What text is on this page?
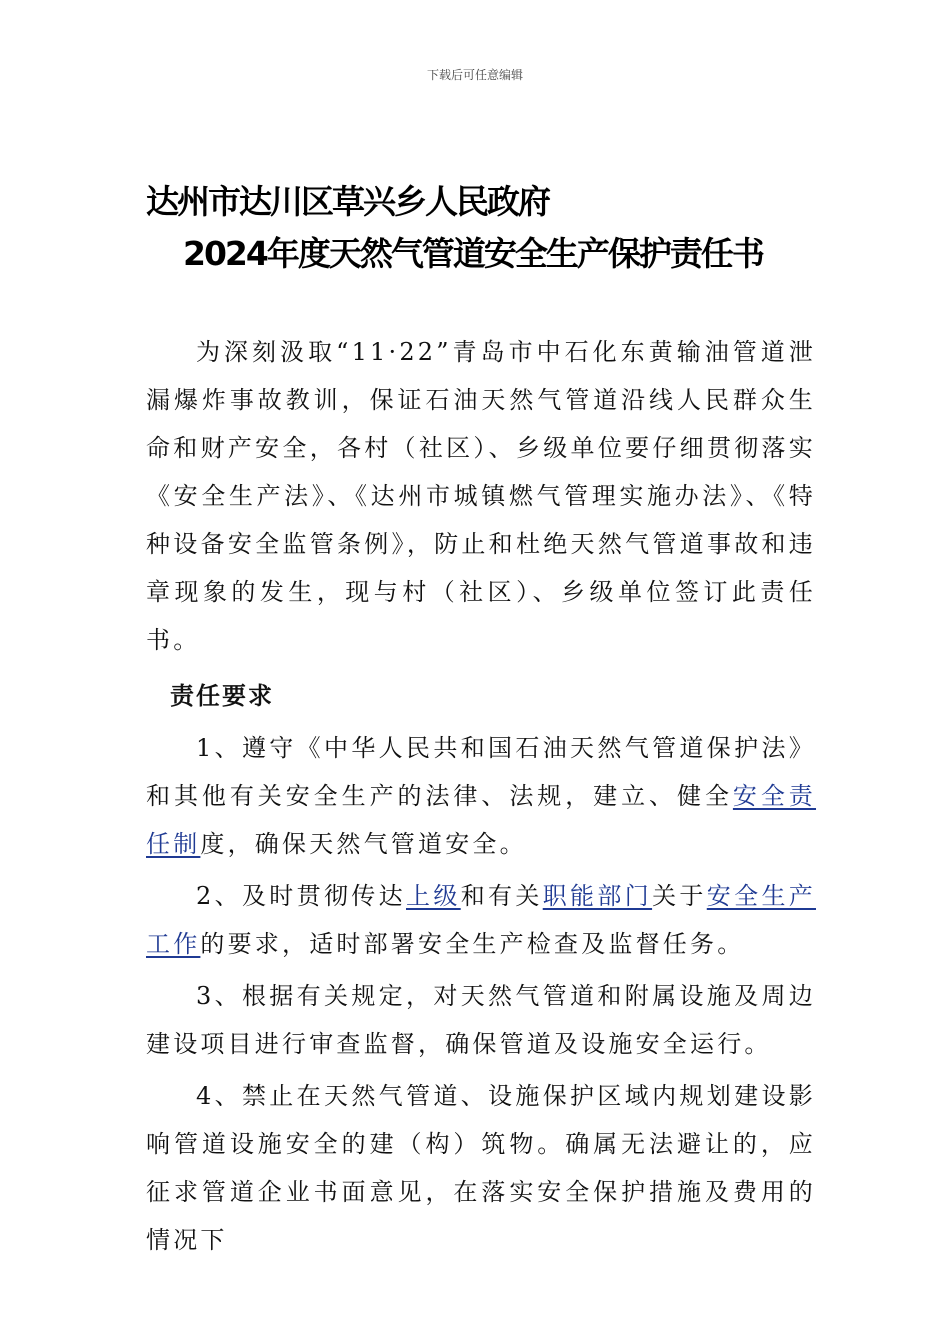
下载后可任意编辑
达州市达川区草兴乡人民政府
2024年度天然气管道安全生产保护责任书

为深刻汲取“11·22”青岛市中石化东黄输油管道泄漏爆炸事故教训，保证石油天然气管道沿线人民群众生命和财产安全，各村（社区）、乡级单位要仔细贯彻落实《安全生产法》、《达州市城镇燃气管理实施办法》、《特种设备安全监管条例》，防止和杜绝天然气管道事故和违章现象的发生，现与村（社区）、乡级单位签订此责任书。

责任要求

1、遵守《中华人民共和国石油天然气管道保护法》和其他有关安全生产的法律、法规，建立、健全安全责任制度，确保天然气管道安全。

2、及时贯彻传达上级和有关职能部门关于安全生产工作的要求，适时部署安全生产检查及监督任务。

3、根据有关规定，对天然气管道和附属设施及周边建设项目进行审查监督，确保管道及设施安全运行。

4、禁止在天然气管道、设施保护区域内规划建设影响管道设施安全的建（构）筑物。确属无法避让的，应征求管道企业书面意见，在落实安全保护措施及费用的情况下
